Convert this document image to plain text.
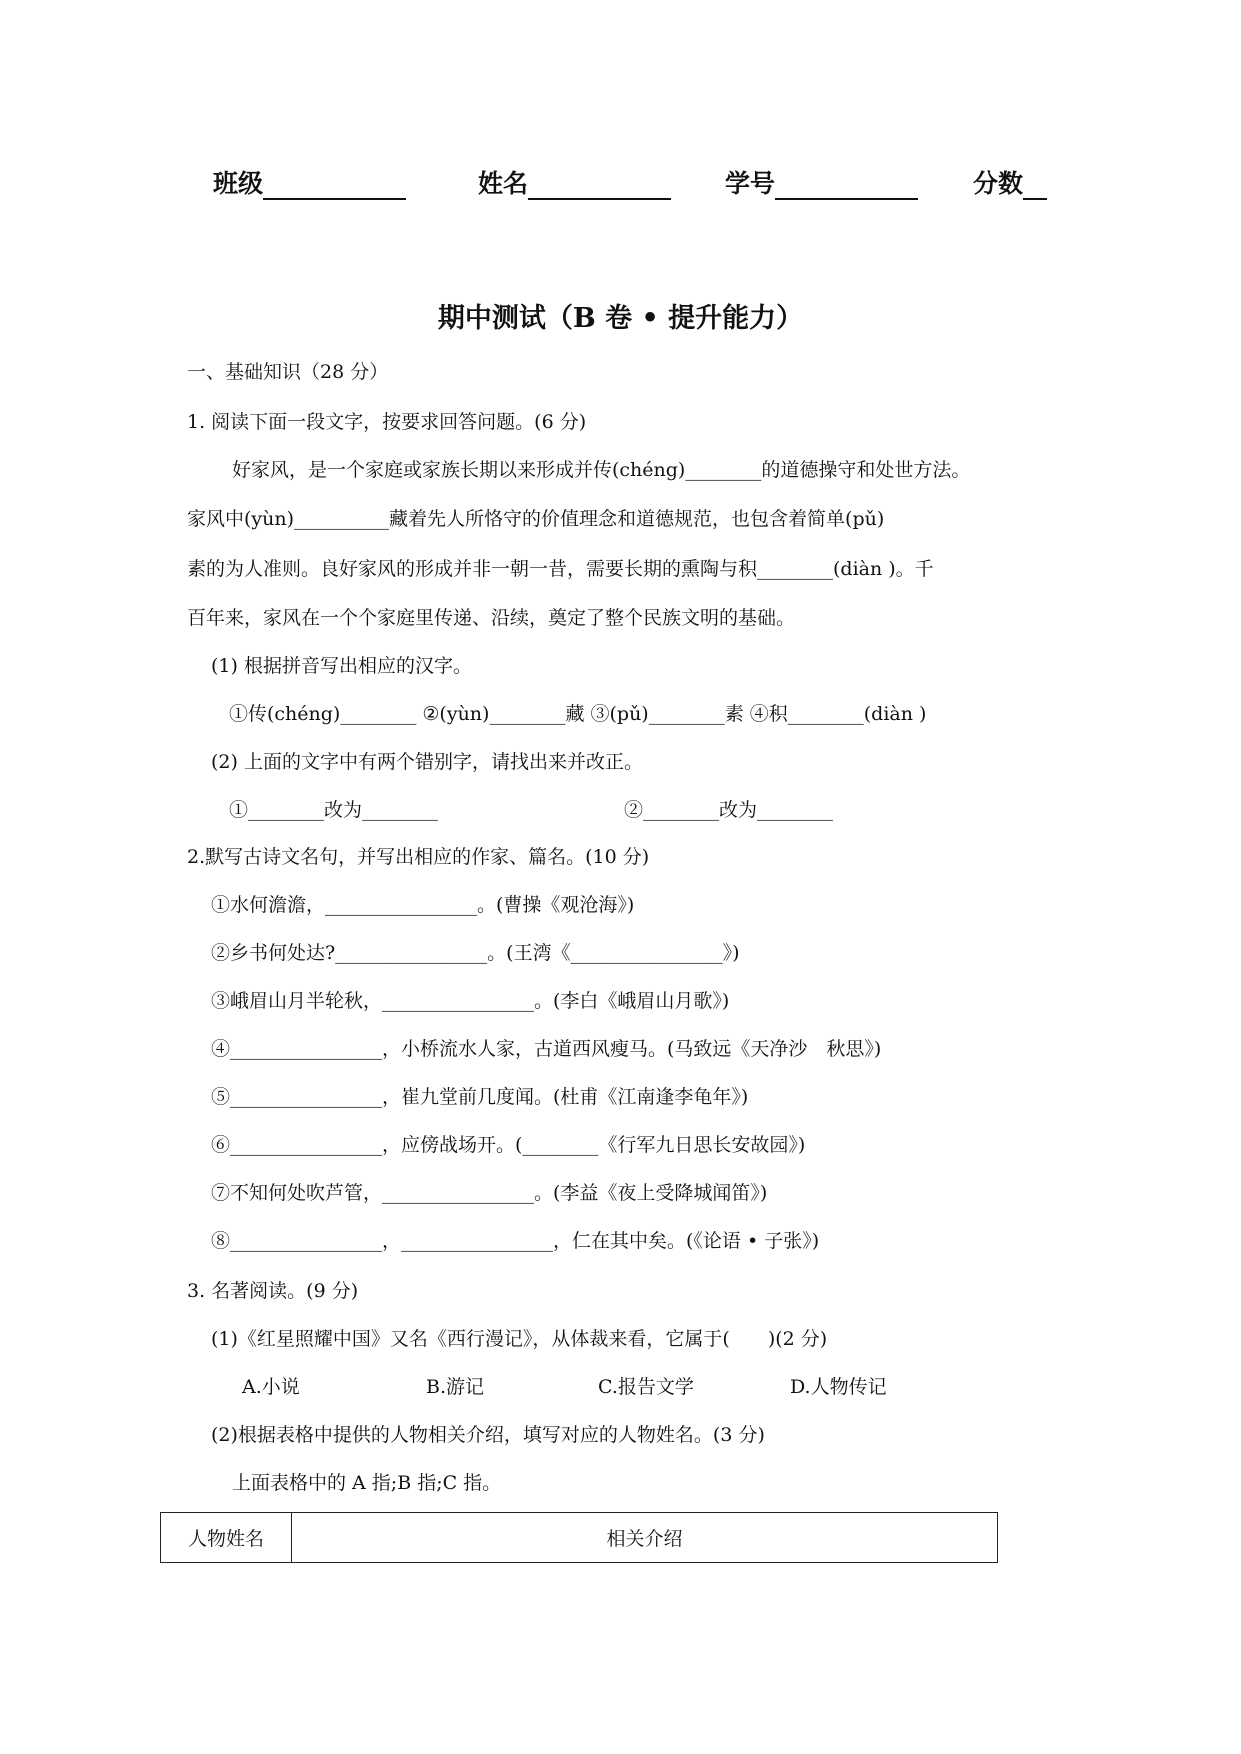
班级	姓名	学号	分数
期中测试（B 卷 • 提升能力）
一、基础知识（28 分）
1. 阅读下面一段文字，按要求回答问题。(6 分)
好家风，是一个家庭或家族长期以来形成并传(chéng)________的道德操守和处世方法。
家风中(yùn)__________藏着先人所恪守的价值理念和道德规范，也包含着简单(pǔ)
素的为人准则。良好家风的形成并非一朝一昔，需要长期的熏陶与积________(diàn )。千
百年来，家风在一个个家庭里传递、沿续，奠定了整个民族文明的基础。
(1) 根据拼音写出相应的汉字。
①传(chéng)________ ②(yùn)________藏 ③(pǔ)________素 ④积________(diàn )
(2) 上面的文字中有两个错别字，请找出来并改正。
①________改为________	②________改为________
2.默写古诗文名句，并写出相应的作家、篇名。(10 分)
①水何澹澹，________________。(曹操《观沧海》)
②乡书何处达?________________。(王湾《________________》)
③峨眉山月半轮秋，________________。(李白《峨眉山月歌》)
④________________，小桥流水人家，古道西风瘦马。(马致远《天净沙　秋思》)
⑤________________，崔九堂前几度闻。(杜甫《江南逢李龟年》)
⑥________________，应傍战场开。(________《行军九日思长安故园》)
⑦不知何处吹芦管，________________。(李益《夜上受降城闻笛》)
⑧________________，________________，仁在其中矣。(《论语 • 子张》)
3. 名著阅读。(9 分)
(1)《红星照耀中国》又名《西行漫记》，从体裁来看，它属于(　　)(2 分)
A.小说	B.游记	C.报告文学	D.人物传记
(2)根据表格中提供的人物相关介绍，填写对应的人物姓名。(3 分)
上面表格中的 A 指;B 指;C 指。
人物姓名	相关介绍
